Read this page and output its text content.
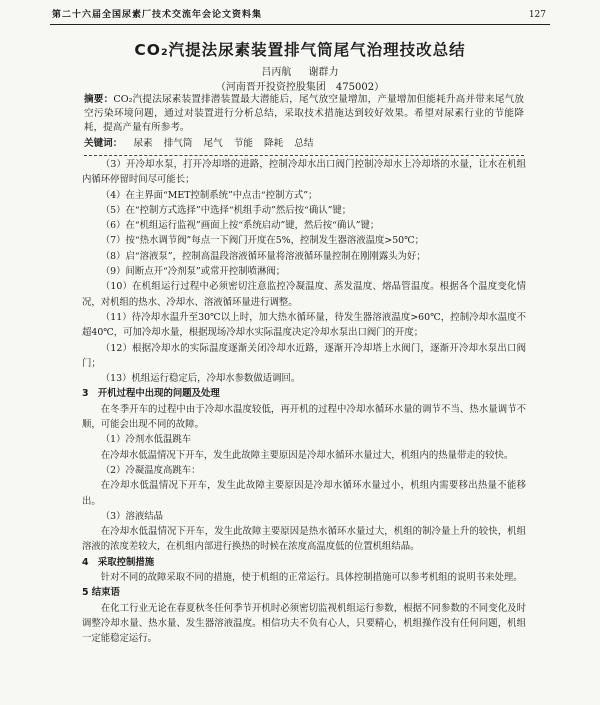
第二十六届全国尿素厂技术交流年会论文资料集	127
CO₂汽提法尿素装置排气筒尾气治理技改总结
吕丙航 谢群力
（河南晋开投资控股集团　475002）
摘要：CO₂汽提法尿素装置排潜装置最大潜能后，尾气放空量增加，产量增加但能耗升高并带来尾气放空污染环境问题，通过对装置进行分析总结，采取技术措施达到较好效果。希望对尿素行业的节能降耗，提高产量有所参考。
关键词： 尿素 排气筒 尾气 节能 降耗 总结

（3）开冷却水泵，打开冷却塔的进路，控制冷却水出口阀门控制冷却水上冷却塔的水量，让水在机组内循环停留时间尽可能长；

（4）在主界面“MET控制系统”中点击“控制方式”；

（5）在“控制方式选择”中选择“机组手动”然后按“确认”键；

（6）在“机组运行监视”画面上按“系统启动”键，然后按“确认”键；

（7）按“热水调节阀”每点一下阀门开度在5%，控制发生器溶液温度>50℃；

（8）启“溶液泵”，控制高温段溶液循环量将溶液循环量控制在刚刚露头为好；

（9）间断点开“冷剂泵”或常开控制喷淋阀；

（10）在机组运行过程中必须密切注意监控冷凝温度、蒸发温度、熔晶管温度。根据各个温度变化情况，对机组的热水、冷却水、溶液循环量进行调整。

（11）待冷却水温升至30℃以上时，加大热水循环量，待发生器溶液温度>60℃，控制冷却水温度不超40℃，可加冷却水量，根据现场冷却水实际温度决定冷却水泵出口阀门的开度；

（12）根据冷却水的实际温度逐渐关闭冷却水近路，逐渐开冷却塔上水阀门，逐渐开冷却水泵出口阀门；

（13）机组运行稳定后，冷却水参数做适调回。

3　开机过程中出现的问题及处理

在冬季开车的过程中由于冷却水温度较低，再开机的过程中冷却水循环水量的调节不当、热水量调节不顺，可能会出现不同的故障。

（1）冷剂水低温跳车

在冷却水低温情况下开车，发生此故障主要原因是冷却水循环水量过大，机组内的热量带走的较快。

（2）冷凝温度高跳车：

在冷却水低温情况下开车，发生此故障主要原因是冷却水循环水量过小，机组内需要移出热量不能移出。

（3）溶液结晶

在冷却水低温情况下开车，发生此故障主要原因是热水循环水量过大，机组的制冷量上升的较快，机组溶液的浓度差较大，在机组内部进行换热的时候在浓度高温度低的位置机组结晶。

4　采取控制措施

针对不同的故障采取不同的措施，使于机组的正常运行。具体控制措施可以参考机组的说明书来处理。

5 结束语

在化工行业无论在春夏秋冬任何季节开机时必须密切监视机组运行参数，根据不同参数的不同变化及时调整冷却水量、热水量、发生器溶液温度。相信功夫不负有心人，只要精心，机组操作没有任何问题，机组一定能稳定运行。
